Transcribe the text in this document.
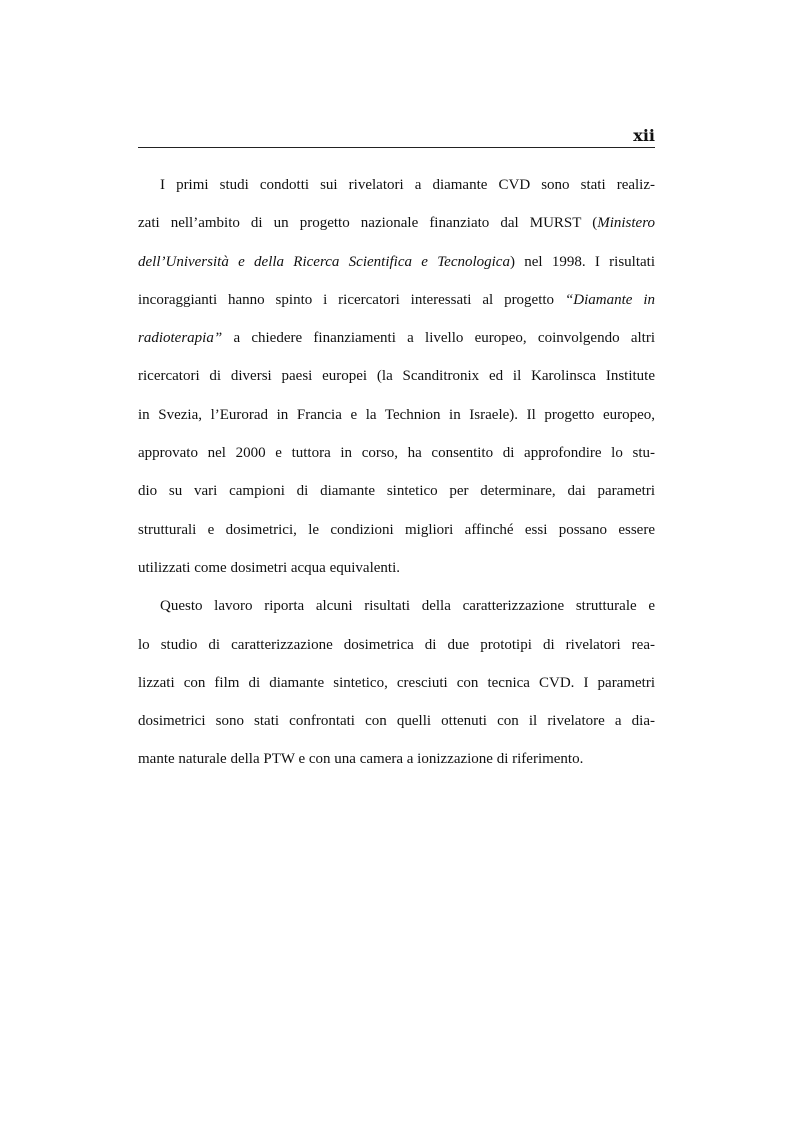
xii
I primi studi condotti sui rivelatori a diamante CVD sono stati realiz-
zati nell’ambito di un progetto nazionale finanziato dal MURST (Ministero
dell’Università e della Ricerca Scientifica e Tecnologica) nel 1998. I risultati
incoraggianti hanno spinto i ricercatori interessati al progetto “Diamante in
radioterapia” a chiedere finanziamenti a livello europeo, coinvolgendo altri
ricercatori di diversi paesi europei (la Scanditronix ed il Karolinsca Institute
in Svezia, l’Eurorad in Francia e la Technion in Israele). Il progetto europeo,
approvato nel 2000 e tuttora in corso, ha consentito di approfondire lo stu-
dio su vari campioni di diamante sintetico per determinare, dai parametri
strutturali e dosimetrici, le condizioni migliori affinché essi possano essere
utilizzati come dosimetri acqua equivalenti.
Questo lavoro riporta alcuni risultati della caratterizzazione strutturale e
lo studio di caratterizzazione dosimetrica di due prototipi di rivelatori rea-
lizzati con film di diamante sintetico, cresciuti con tecnica CVD. I parametri
dosimetrici sono stati confrontati con quelli ottenuti con il rivelatore a dia-
mante naturale della PTW e con una camera a ionizzazione di riferimento.
